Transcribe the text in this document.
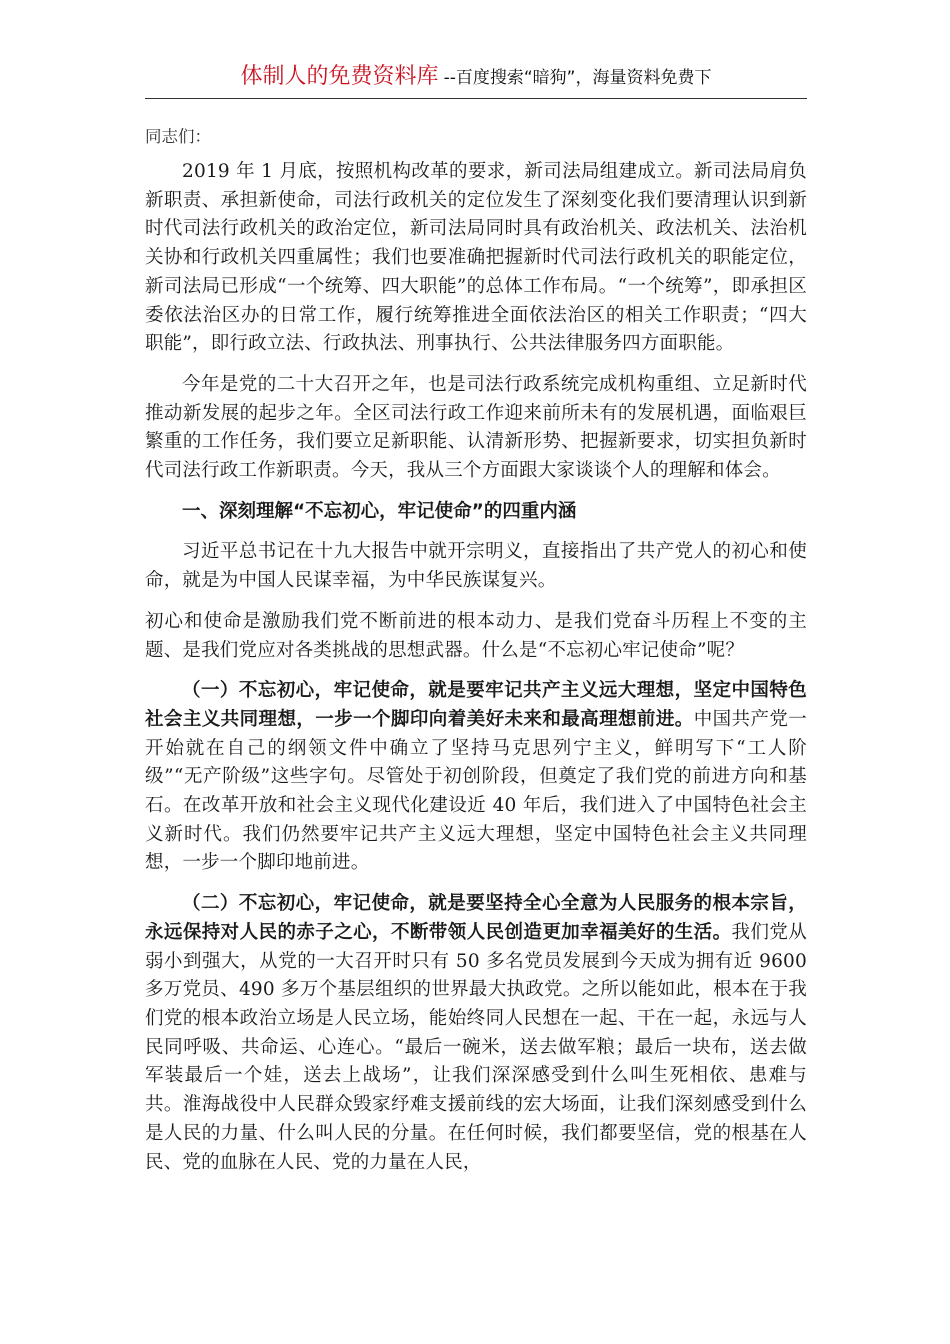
体制人的免费资料库 --百度搜索“暗狗”，海量资料免费下
同志们：

2019 年 1 月底，按照机构改革的要求，新司法局组建成立。新司法局肩负新职责、承担新使命，司法行政机关的定位发生了深刻变化我们要清理认识到新时代司法行政机关的政治定位，新司法局同时具有政治机关、政法机关、法治机关协和行政机关四重属性；我们也要准确把握新时代司法行政机关的职能定位，新司法局已形成“一个统筹、四大职能”的总体工作布局。“一个统筹”，即承担区委依法治区办的日常工作，履行统筹推进全面依法治区的相关工作职责；“四大职能”，即行政立法、行政执法、刑事执行、公共法律服务四方面职能。

今年是党的二十大召开之年，也是司法行政系统完成机构重组、立足新时代推动新发展的起步之年。全区司法行政工作迎来前所未有的发展机遇，面临艰巨繁重的工作任务，我们要立足新职能、认清新形势、把握新要求，切实担负新时代司法行政工作新职责。今天，我从三个方面跟大家谈谈个人的理解和体会。

一、深刻理解“不忘初心，牢记使命”的四重内涵

习近平总书记在十九大报告中就开宗明义，直接指出了共产党人的初心和使命，就是为中国人民谋幸福，为中华民族谋复兴。

初心和使命是激励我们党不断前进的根本动力、是我们党奋斗历程上不变的主题、是我们党应对各类挑战的思想武器。什么是“不忘初心牢记使命”呢？

（一）不忘初心，牢记使命，就是要牢记共产主义远大理想，坚定中国特色社会主义共同理想，一步一个脚印向着美好未来和最高理想前进。中国共产党一开始就在自己的纲领文件中确立了坚持马克思列宁主义，鲜明写下“工人阶级”“无产阶级”这些字句。尽管处于初创阶段，但奠定了我们党的前进方向和基石。在改革开放和社会主义现代化建设近 40 年后，我们进入了中国特色社会主义新时代。我们仍然要牢记共产主义远大理想，坚定中国特色社会主义共同理想，一步一个脚印地前进。

（二）不忘初心，牢记使命，就是要坚持全心全意为人民服务的根本宗旨，永远保持对人民的赤子之心，不断带领人民创造更加幸福美好的生活。我们党从弱小到强大，从党的一大召开时只有 50 多名党员发展到今天成为拥有近 9600 多万党员、490 多万个基层组织的世界最大执政党。之所以能如此，根本在于我们党的根本政治立场是人民立场，能始终同人民想在一起、干在一起，永远与人民同呼吸、共命运、心连心。“最后一碗米，送去做军粮；最后一块布，送去做军装最后一个娃，送去上战场”，让我们深深感受到什么叫生死相依、患难与共。淮海战役中人民群众毁家纾难支援前线的宏大场面，让我们深刻感受到什么是人民的力量、什么叫人民的分量。在任何时候，我们都要坚信，党的根基在人民、党的血脉在人民、党的力量在人民，
